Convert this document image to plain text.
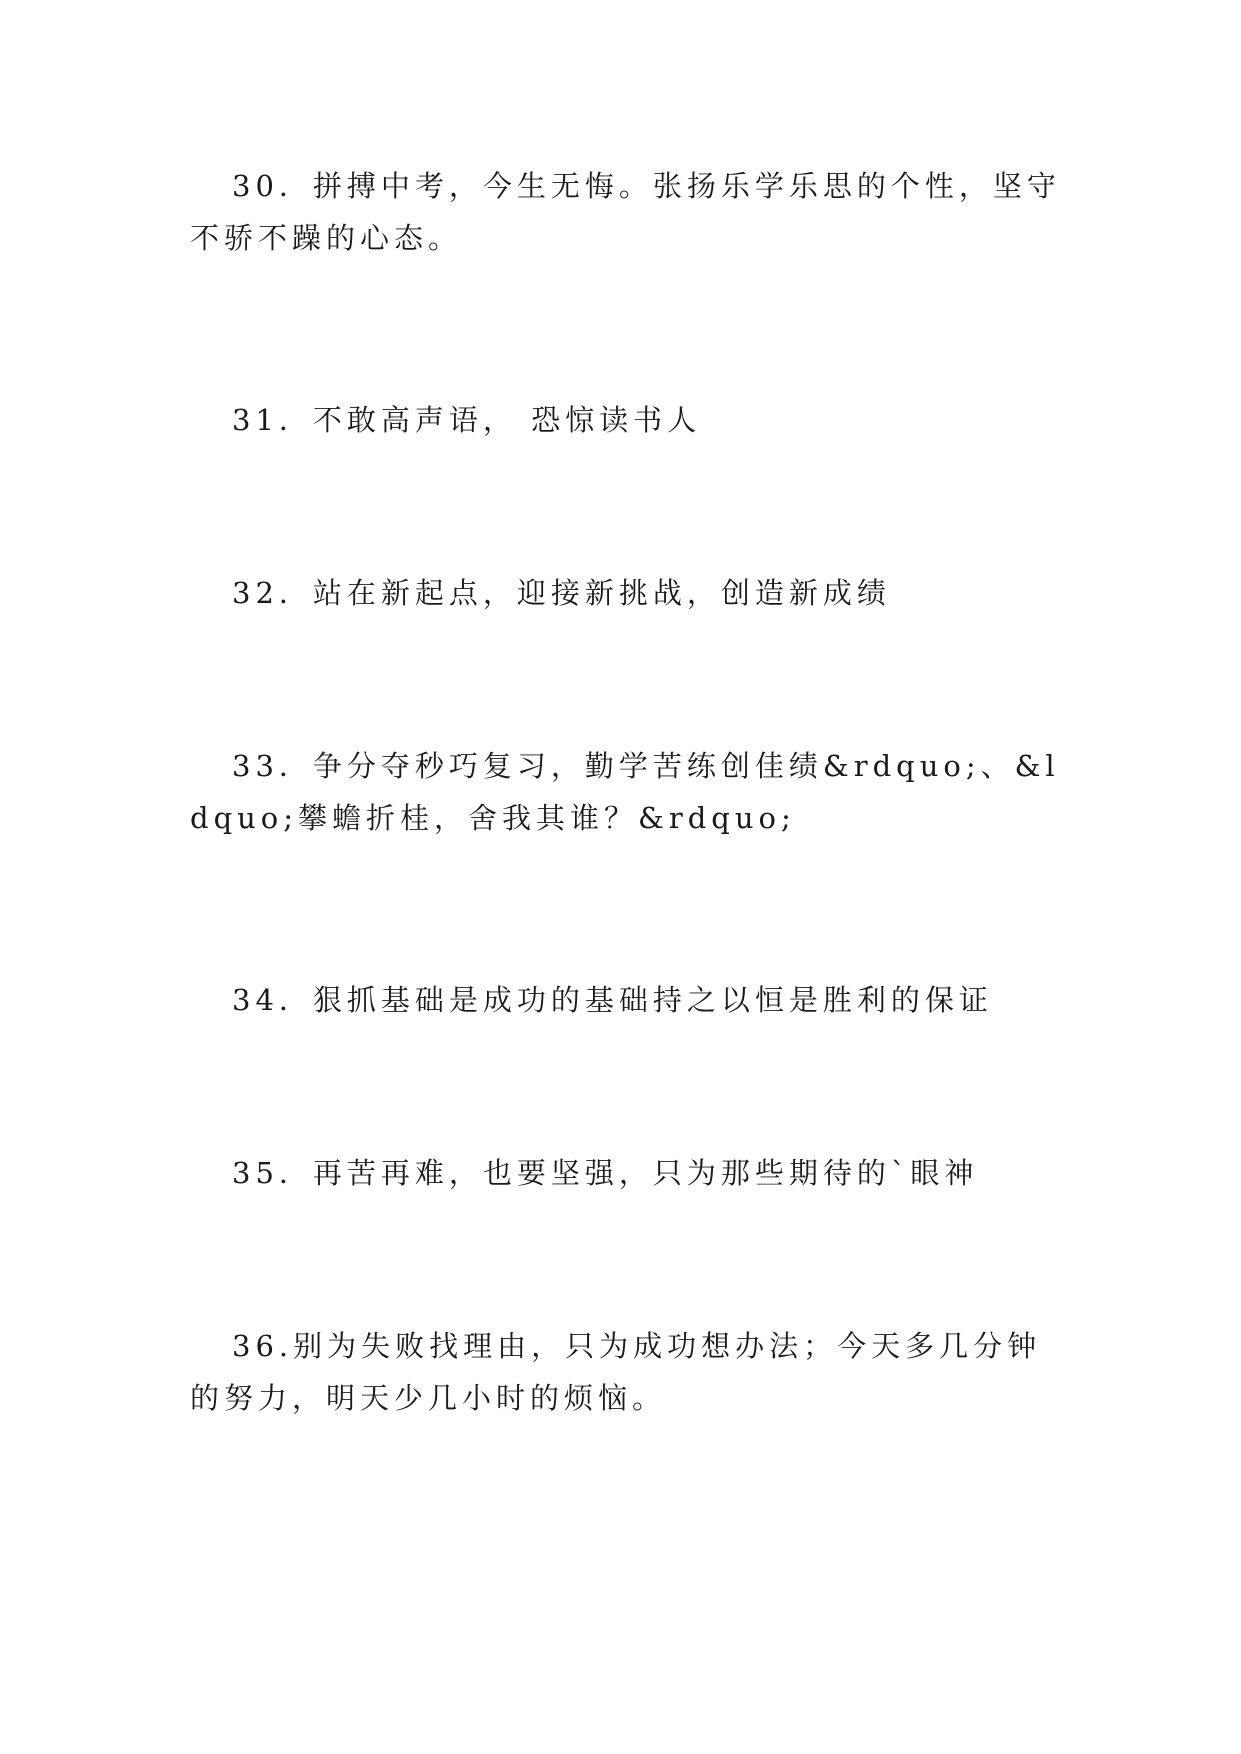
30．拼搏中考，今生无悔。张扬乐学乐思的个性，坚守不骄不躁的心态。

31．不敢高声语， 恐惊读书人

32．站在新起点，迎接新挑战，创造新成绩

33．争分夺秒巧复习，勤学苦练创佳绩&rdquo;、&ldquo;攀蟾折桂，舍我其谁？&rdquo;

34．狠抓基础是成功的基础持之以恒是胜利的保证

35．再苦再难，也要坚强，只为那些期待的`眼神

36.别为失败找理由，只为成功想办法；今天多几分钟的努力，明天少几小时的烦恼。
